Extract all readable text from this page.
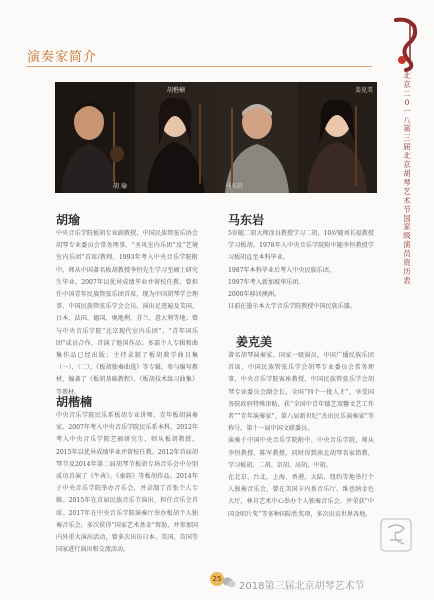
演奏家简介
北京二0一八第三届北京胡琴艺术节国家级演员资历表
胡 瑜
胡楷楠
马东岩
姜克美
胡瑜
中央音乐学院板胡专业副教授、中国民族管弦乐协会胡琴专业委员会常务理事、“圣风室内乐团”及“艺境室内乐团”首席/教师。1993年考入中央音乐学院附中，师从中国著名板胡教授李恒先生学习至硕士研究生毕业。2007年以优异成绩毕业并留校任教。曾担任中国青年民族管弦乐团首席，现为中国胡琴学会理事、中国民族管弦乐学会会员。演出足迹遍及美国、日本、法国、德国、奥地利、芬兰、意大利等地；曾与中央音乐学院“北京现代室内乐团”、“青年国乐团”成员合作，首演了他国作品；多部个人专辑和曲集作品已经出版；主持录制了板胡教学曲目集（一）、（二）、《板胡独奏曲选》等专辑，参与编写教材，编著了《板胡基础教程》、《板胡技术练习曲集》等教材。
胡楷楠
中央音乐学院民乐系板胡专业讲师、青年板胡演奏家。2007年考入中央音乐学院民乐系本科，2012年考入中央音乐学院艺硕研究生，师从板胡教授、2015年以优异成绩毕业并留校任教。2012年首届胡琴节及2014年第二届胡琴节板胡专场音乐会中分别成功首演了《牛犇》、《秦韵》等板胡作品。2014年于中央音乐学院举办音乐会，并录制了首张个人专辑。2015年在首届民族音乐节演出，担任音乐会首席。2017年在中央音乐学院演奏厅举办板胡个人独奏音乐会，多次获得“国家艺术基金”资助，并参加国内外重大演出活动，曾多次出访日本、美国、英国等国家进行演出和交流活动。
马东岩
5岁随二胡大师涂良教授学习二胡，10岁随刘长福教授学习板胡。1978年入中央音乐学院附中随李恒教授学习板胡直至本科毕业。
1987年本科毕业后考入中央民族乐团。
1997年考入新加坡华乐团。
2000年移居澳洲。
目前在墨尔本大学音乐学院教授中国民族乐器。
姜克美
著名胡琴演奏家、国家一级演员，中国广播民族乐团首席、中国民族管弦乐学会胡琴专业委员会常务理事，中央音乐学院客座教授、中国民族管弦乐学会胡琴专业委员会副会长，全国“四个一批人才”、享受国务院政府特殊津贴，获“全国中青年德艺双馨文艺工作者”“青年演奏家”、第八届新世纪“杰出民乐演奏家”等称号。第十一届中国文联委员。
演奏于中国中央音乐学院附中、中央音乐学院，师从李恒教授、陈军教授，同时得到南北胡琴名家指教，学习板胡、二胡、京胡、高胡、中胡。
在北京、台北、上海、香港、大陆、纽约等地举行个人独奏音乐会，曾在美国卡内基音乐厅、维也纳金色大厅、林肯艺术中心举办个人独奏音乐会，并荣获“中国金唱片奖”等多种国际性奖项，多次出访世界各地。
25
2018第三届北京胡琴艺术节
